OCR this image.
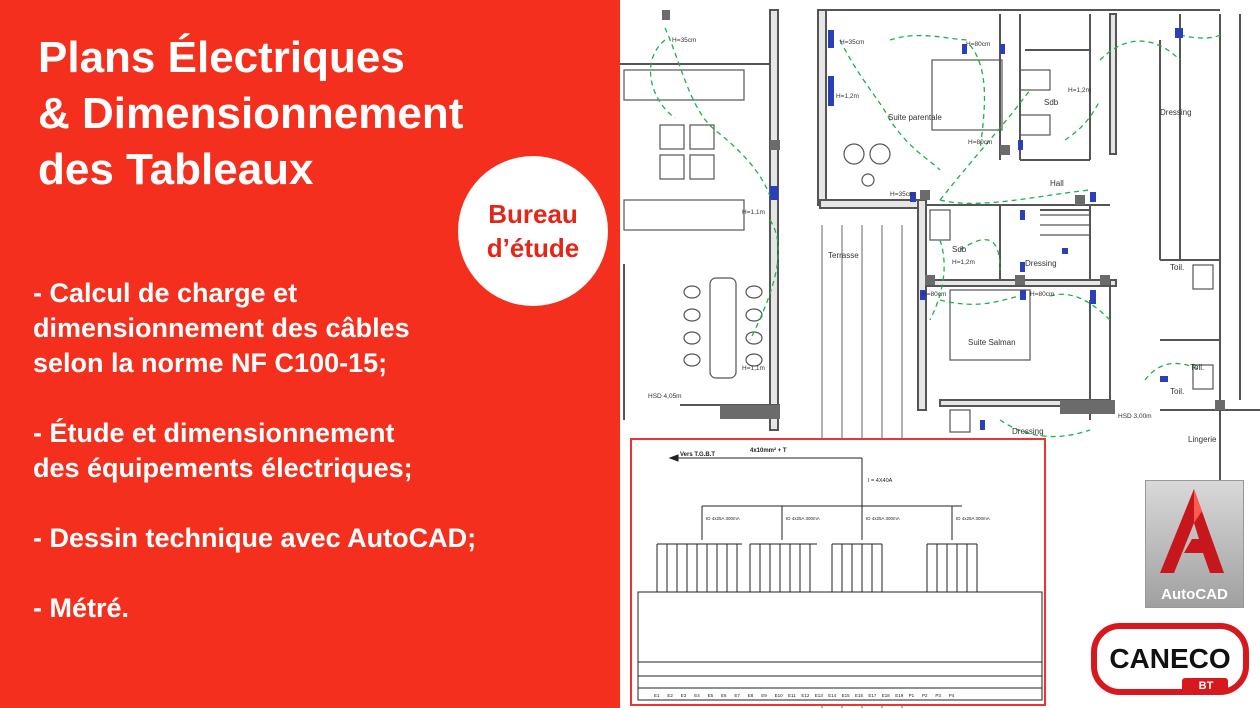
Plans Électriques
& Dimensionnement
des Tableaux
- Calcul de charge et
dimensionnement des câbles
selon la norme NF C100-15;
- Étude et dimensionnement
des équipements électriques;
- Dessin technique avec AutoCAD;
- Métré.
Bureau
d’étude
Suite parentale
Sdb
Dressing
Hall
Terrasse
Sdb
Dressing
Suite Salman
Toil.
Toil.
Toil.
Lingerie
Dressing
HSD 4,05m
HSD 3,00m
H=35cm
H=1,1m
H=1,1m
H=1,2m
H=35cm	H=80cm
H=80cm
H=1,2m
H=35cm
H=1,2m
H=80cm	H=80cm
Vers T.G.B.T
4x10mm² + T
I = 4X40A
ID 4x25A 300mA	ID 4x25A 300mA	ID 4x25A 300mA	ID 4x25A 300mA
E1 E2 E3 E4 E5 E6 E7 E8 E9 E10 E11 E12 E13 E14 E15 E16 E17 E18 E19 P1 P2 P3 P4
AutoCAD
CANECO
BT
